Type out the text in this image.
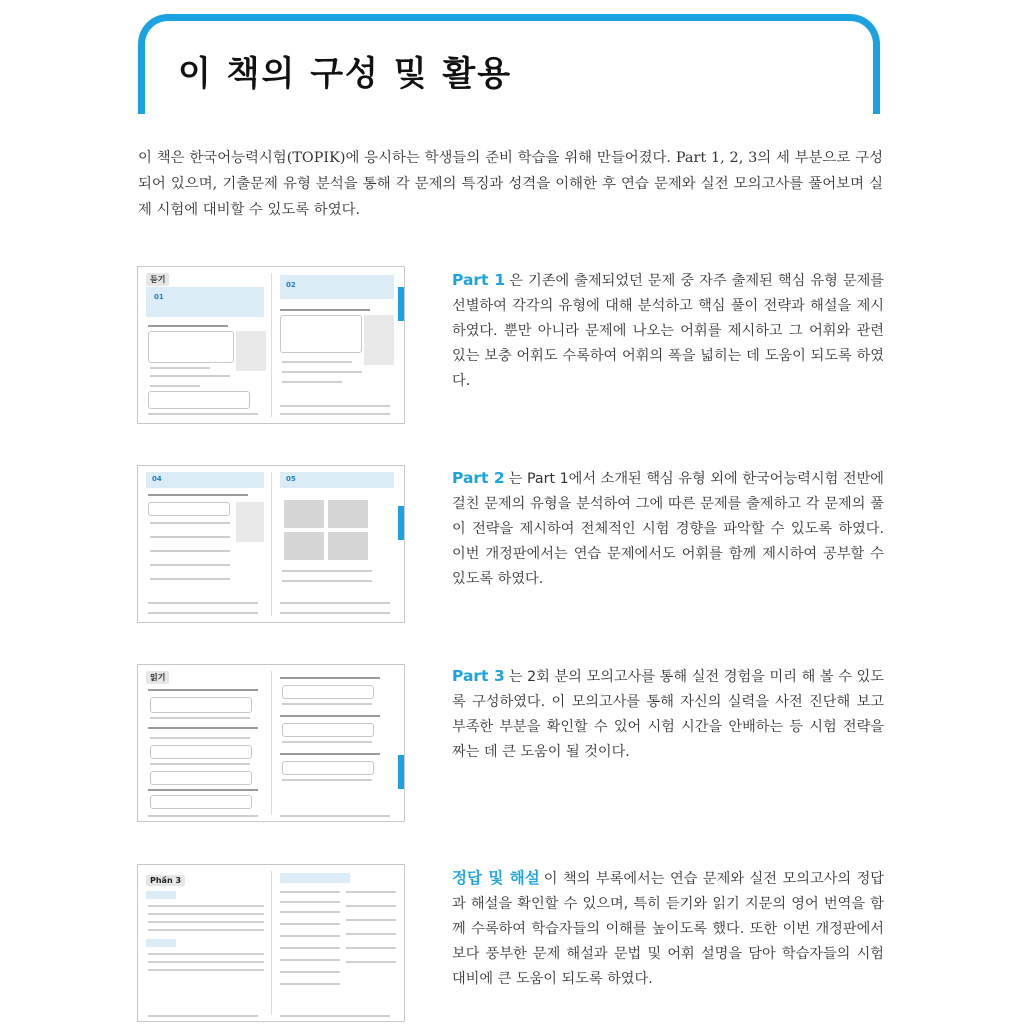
이 책의 구성 및 활용
이 책은 한국어능력시험(TOPIK)에 응시하는 학생들의 준비 학습을 위해 만들어졌다. Part 1, 2, 3의 세 부분으로 구성되어 있으며, 기출문제 유형 분석을 통해 각 문제의 특징과 성격을 이해한 후 연습 문제와 실전 모의고사를 풀어보며 실제 시험에 대비할 수 있도록 하였다.
듣기
01
02	Part 1 은 기존에 출제되었던 문제 중 자주 출제된 핵심 유형 문제를 선별하여 각각의 유형에 대해 분석하고 핵심 풀이 전략과 해설을 제시하였다. 뿐만 아니라 문제에 나오는 어휘를 제시하고 그 어휘와 관련 있는 보충 어휘도 수록하여 어휘의 폭을 넓히는 데 도움이 되도록 하였다.
04	05	Part 2 는 Part 1에서 소개된 핵심 유형 외에 한국어능력시험 전반에 걸친 문제의 유형을 분석하여 그에 따른 문제를 출제하고 각 문제의 풀이 전략을 제시하여 전체적인 시험 경향을 파악할 수 있도록 하였다. 이번 개정판에서는 연습 문제에서도 어휘를 함께 제시하여 공부할 수 있도록 하였다.
읽기	Part 3 는 2회 분의 모의고사를 통해 실전 경험을 미리 해 볼 수 있도록 구성하였다. 이 모의고사를 통해 자신의 실력을 사전 진단해 보고 부족한 부분을 확인할 수 있어 시험 시간을 안배하는 등 시험 전략을 짜는 데 큰 도움이 될 것이다.
Phần 3	정답 및 해설 이 책의 부록에서는 연습 문제와 실전 모의고사의 정답과 해설을 확인할 수 있으며, 특히 듣기와 읽기 지문의 영어 번역을 함께 수록하여 학습자들의 이해를 높이도록 했다. 또한 이번 개정판에서 보다 풍부한 문제 해설과 문법 및 어휘 설명을 담아 학습자들의 시험 대비에 큰 도움이 되도록 하였다.
